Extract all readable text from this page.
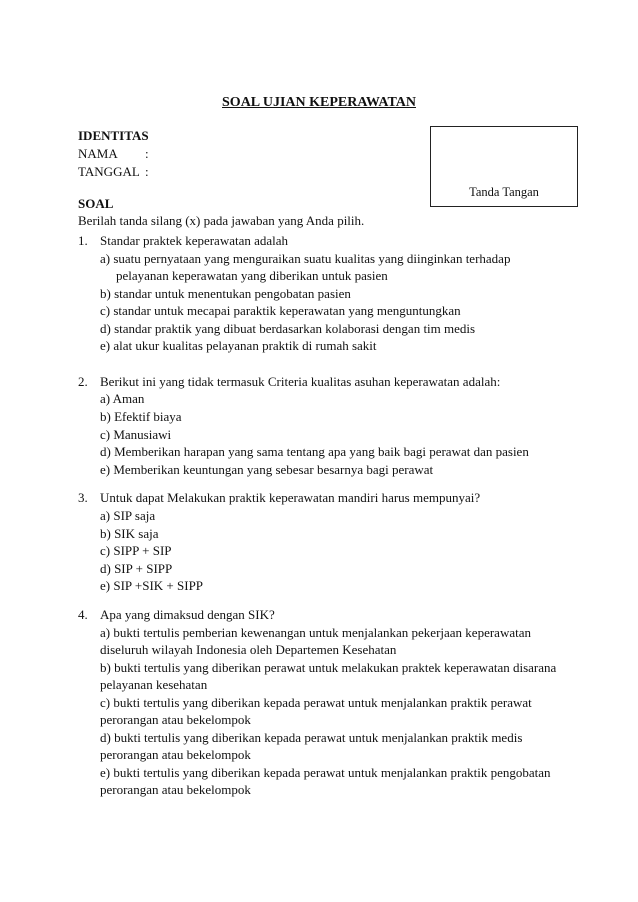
SOAL UJIAN KEPERAWATAN
IDENTITAS
NAMA :
TANGGAL :
Tanda Tangan
SOAL
Berilah tanda silang (x) pada jawaban yang Anda pilih.
1. Standar praktek keperawatan adalah
a) suatu pernyataan yang menguraikan suatu kualitas yang diinginkan terhadap
pelayanan keperawatan yang diberikan untuk pasien
b) standar untuk menentukan pengobatan pasien
c) standar untuk mecapai paraktik keperawatan yang menguntungkan
d) standar praktik yang dibuat berdasarkan kolaborasi dengan tim medis
e) alat ukur kualitas pelayanan praktik di rumah sakit
2. Berikut ini yang tidak termasuk Criteria kualitas asuhan keperawatan adalah:
a) Aman
b) Efektif biaya
c) Manusiawi
d) Memberikan harapan yang sama tentang apa yang baik bagi perawat dan pasien
e) Memberikan keuntungan yang sebesar besarnya bagi perawat
3. Untuk dapat Melakukan praktik keperawatan mandiri harus mempunyai?
a) SIP saja
b) SIK saja
c) SIPP + SIP
d) SIP + SIPP
e) SIP +SIK + SIPP
4. Apa yang dimaksud dengan SIK?
a) bukti tertulis pemberian kewenangan untuk menjalankan pekerjaan keperawatan
diseluruh wilayah Indonesia oleh Departemen Kesehatan
b) bukti tertulis yang diberikan perawat untuk melakukan praktek keperawatan disarana
pelayanan kesehatan
c) bukti tertulis yang diberikan kepada perawat untuk menjalankan praktik perawat
perorangan atau bekelompok
d) bukti tertulis yang diberikan kepada perawat untuk menjalankan praktik medis
perorangan atau bekelompok
e) bukti tertulis yang diberikan kepada perawat untuk menjalankan praktik pengobatan
perorangan atau bekelompok
